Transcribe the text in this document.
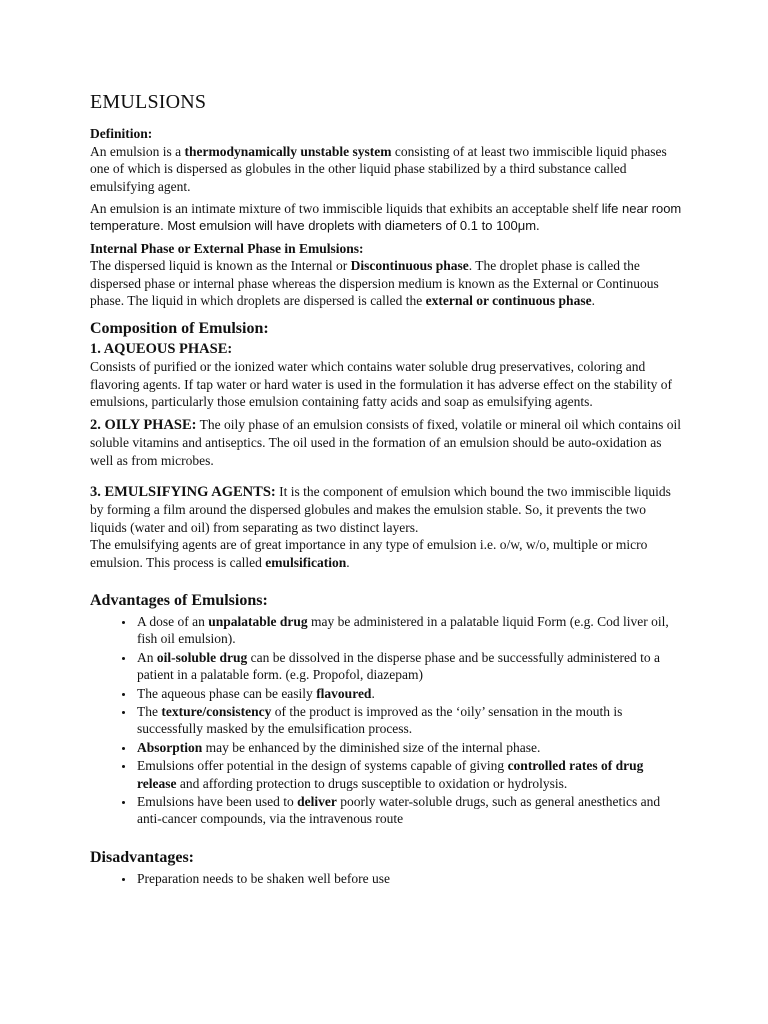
EMULSIONS
Definition:

An emulsion is a thermodynamically unstable system consisting of at least two immiscible liquid phases one of which is dispersed as globules in the other liquid phase stabilized by a third substance called emulsifying agent.

An emulsion is an intimate mixture of two immiscible liquids that exhibits an acceptable shelf life near room temperature. Most emulsion will have droplets with diameters of 0.1 to 100μm.

Internal Phase or External Phase in Emulsions:

The dispersed liquid is known as the Internal or Discontinuous phase. The droplet phase is called the dispersed phase or internal phase whereas the dispersion medium is known as the External or Continuous phase. The liquid in which droplets are dispersed is called the external or continuous phase.

Composition of Emulsion:
1. AQUEOUS PHASE:

Consists of purified or the ionized water which contains water soluble drug preservatives, coloring and flavoring agents. If tap water or hard water is used in the formulation it has adverse effect on the stability of emulsions, particularly those emulsion containing fatty acids and soap as emulsifying agents.

2. OILY PHASE: The oily phase of an emulsion consists of fixed, volatile or mineral oil which contains oil soluble vitamins and antiseptics. The oil used in the formation of an emulsion should be auto-oxidation as well as from microbes.

3. EMULSIFYING AGENTS: It is the component of emulsion which bound the two immiscible liquids by forming a film around the dispersed globules and makes the emulsion stable. So, it prevents the two liquids (water and oil) from separating as two distinct layers.

The emulsifying agents are of great importance in any type of emulsion i.e. o/w, w/o, multiple or micro emulsion. This process is called emulsification.

Advantages of Emulsions:
• A dose of an unpalatable drug may be administered in a palatable liquid Form (e.g. Cod liver oil, fish oil emulsion).
• An oil-soluble drug can be dissolved in the disperse phase and be successfully administered to a patient in a palatable form. (e.g. Propofol, diazepam)
• The aqueous phase can be easily flavoured.
• The texture/consistency of the product is improved as the ‘oily’ sensation in the mouth is successfully masked by the emulsification process.
• Absorption may be enhanced by the diminished size of the internal phase.
• Emulsions offer potential in the design of systems capable of giving controlled rates of drug release and affording protection to drugs susceptible to oxidation or hydrolysis.
• Emulsions have been used to deliver poorly water-soluble drugs, such as general anesthetics and anti-cancer compounds, via the intravenous route
Disadvantages:
• Preparation needs to be shaken well before use
